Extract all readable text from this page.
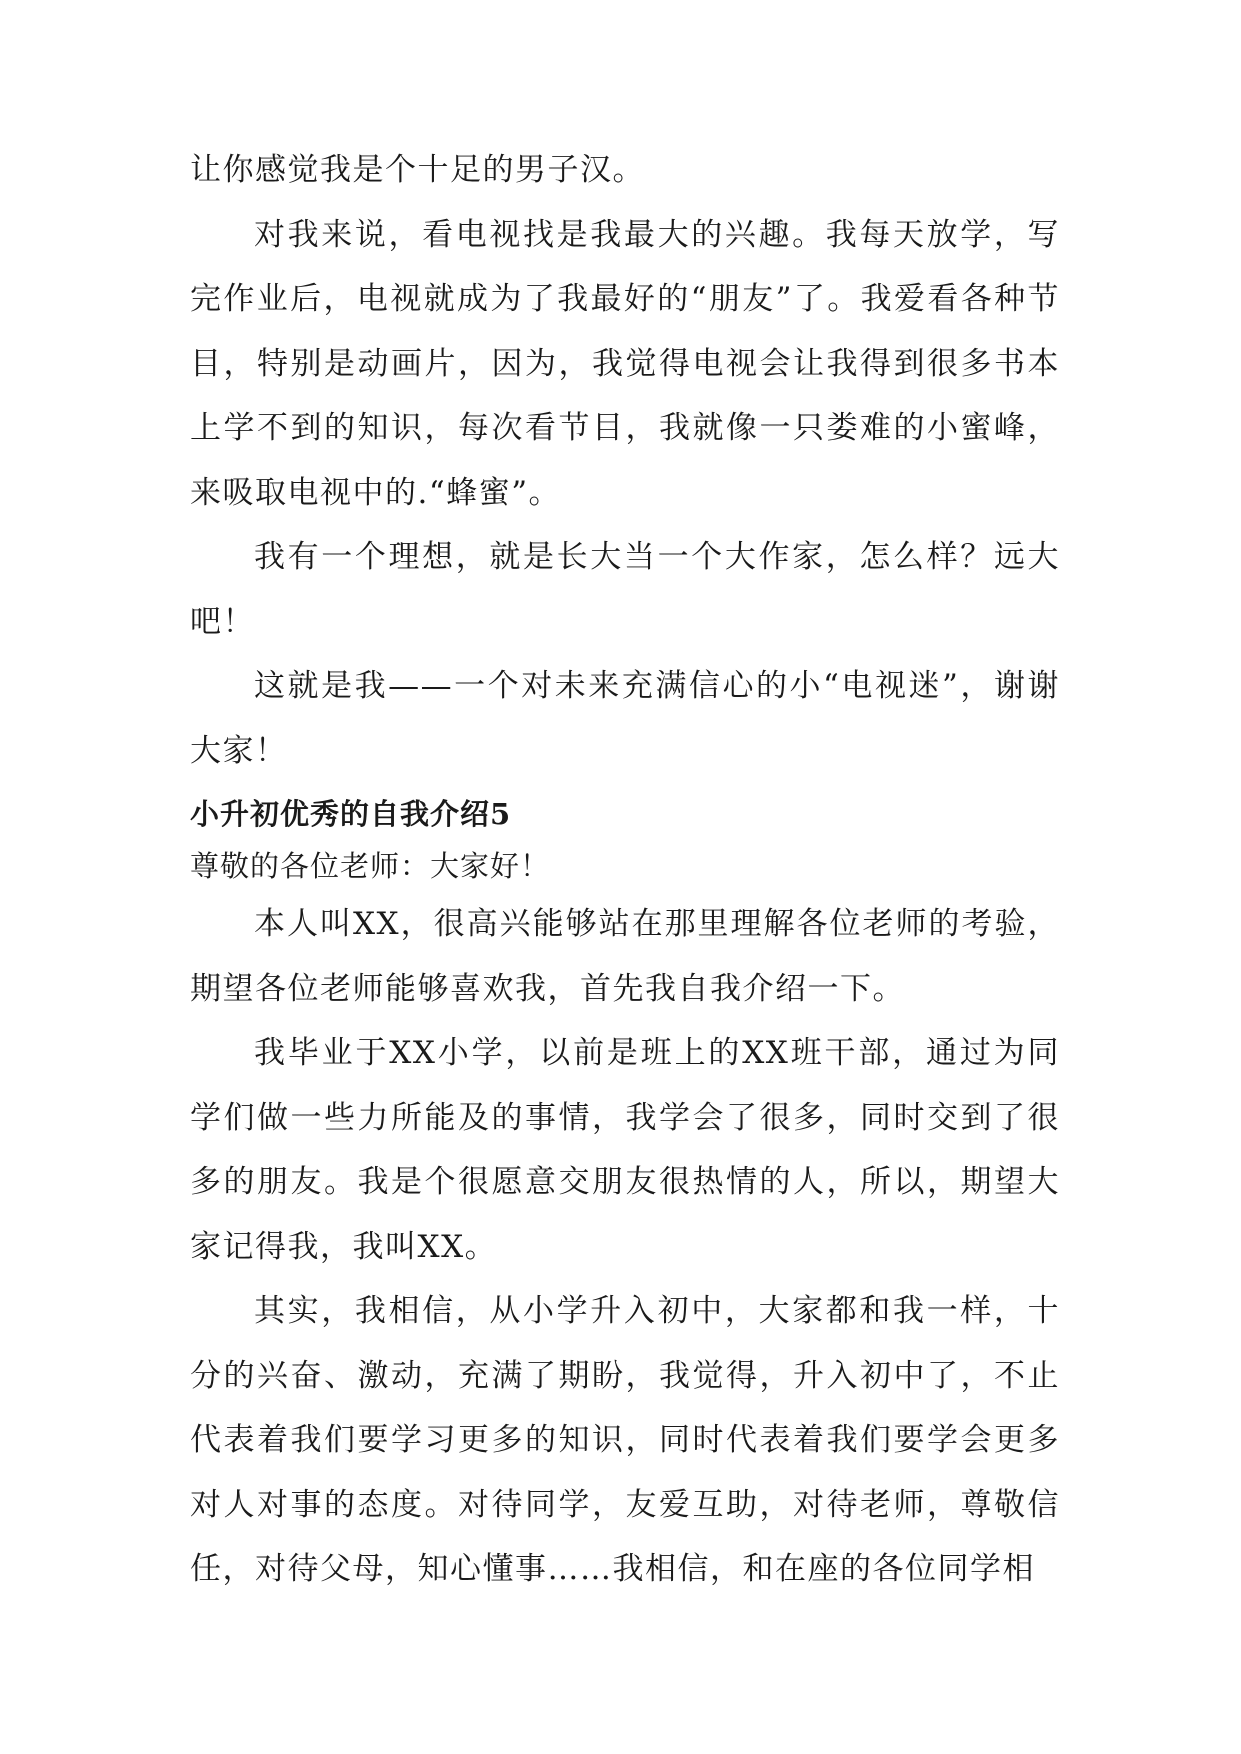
让你感觉我是个十足的男子汉。

对我来说，看电视找是我最大的兴趣。我每天放学，写完作业后，电视就成为了我最好的“朋友”了。我爱看各种节目，特别是动画片，因为，我觉得电视会让我得到很多书本上学不到的知识，每次看节目，我就像一只娄难的小蜜峰，来吸取电视中的.“蜂蜜”。

我有一个理想，就是长大当一个大作家，怎么样？远大吧！

这就是我——一个对未来充满信心的小“电视迷”，谢谢大家！

小升初优秀的自我介绍5

尊敬的各位老师：大家好！

本人叫XX，很高兴能够站在那里理解各位老师的考验，期望各位老师能够喜欢我，首先我自我介绍一下。

我毕业于XX小学，以前是班上的XX班干部，通过为同学们做一些力所能及的事情，我学会了很多，同时交到了很多的朋友。我是个很愿意交朋友很热情的人，所以，期望大家记得我，我叫XX。

其实，我相信，从小学升入初中，大家都和我一样，十分的兴奋、激动，充满了期盼，我觉得，升入初中了，不止代表着我们要学习更多的知识，同时代表着我们要学会更多对人对事的态度。对待同学，友爱互助，对待老师，尊敬信任，对待父母，知心懂事……我相信，和在座的各位同学相
